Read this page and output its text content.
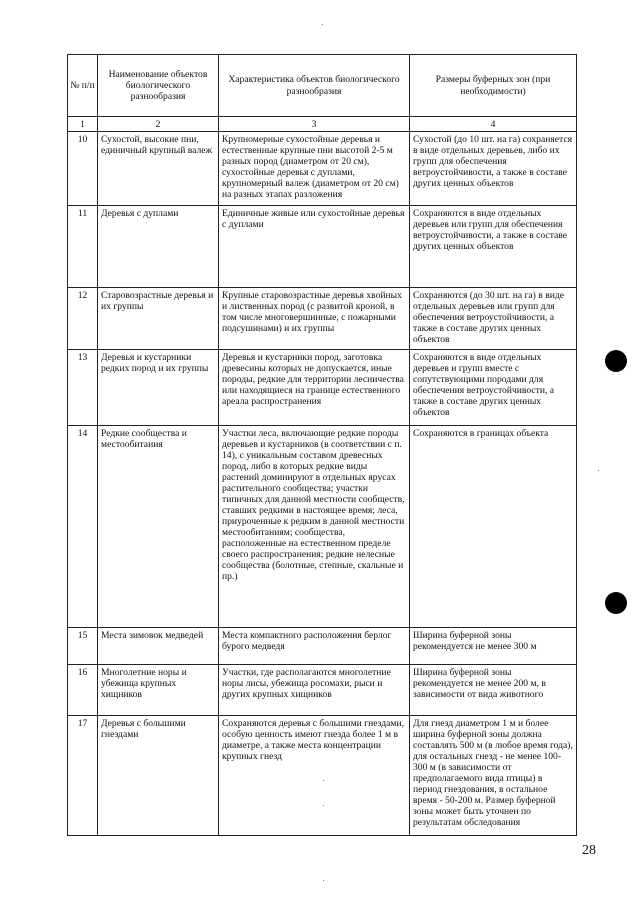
№ п/п	Наименование объектов биологического разнообразия	Характеристика объектов биологического разнообразия	Размеры буферных зон (при необходимости)
1	2	3	4
10	Сухостой, высокие пни, единичный крупный валеж	Крупномерные сухостойные деревья и естественные крупные пни высотой 2-5 м разных пород (диаметром от 20 см), сухостойные деревья с дуплами, крупномерный валеж (диаметром от 20 см) на разных этапах разложения	Сухостой (до 10 шт. на га) сохраняется в виде отдельных деревьев, либо их групп для обеспечения ветроустойчивости, а также в составе других ценных объектов
11	Деревья с дуплами	Единичные живые или сухостойные деревья с дуплами	Сохраняются в виде отдельных деревьев или групп для обеспечения ветроустойчивости, а также в составе других ценных объектов
12	Старовозрастные деревья и их группы	Крупные старовозрастные деревья хвойных и лиственных пород (с развитой кроной, в том числе многовершинные, с пожарными подсушинами) и их группы	Сохраняются (до 30 шт. на га) в виде отдельных деревьев или групп для обеспечения ветроустойчивости, а также в составе других ценных объектов
13	Деревья и кустарники редких пород и их группы	Деревья и кустарники пород, заготовка древесины которых не допускается, иные породы, редкие для территории лесничества или находящиеся на границе естественного ареала распространения	Сохраняются в виде отдельных деревьев и групп вместе с сопутствующими породами для обеспечения ветроустойчивости, а также в составе других ценных объектов
14	Редкие сообщества и местообитания	Участки леса, включающие редкие породы деревьев и кустарников (в соответствии с п. 14), с уникальным составом древесных пород, либо в которых редкие виды растений доминируют в отдельных ярусах растительного сообщества; участки типичных для данной местности сообществ, ставших редкими в настоящее время; леса, приуроченные к редким в данной местности местообитаниям; сообщества, расположенные на естественном пределе своего распространения; редкие нелесные сообщества (болотные, степные, скальные и пр.)	Сохраняются в границах объекта
15	Места зимовок медведей	Места компактного расположения берлог бурого медведя	Ширина буферной зоны рекомендуется не менее 300 м
16	Многолетние норы и убежища крупных хищников	Участки, где располагаются многолетние норы лисы, убежища росомахи, рыси и других крупных хищников	Ширина буферной зоны рекомендуется не менее 200 м, в зависимости от вида животного
17	Деревья с большими гнездами	Сохраняются деревья с большими гнездами, особую ценность имеют гнезда более 1 м в диаметре, а также места концентрации крупных гнезд	Для гнезд диаметром 1 м и более ширина буферной зоны должна составлять 500 м (в любое время года), для остальных гнезд - не менее 100-300 м (в зависимости от предполагаемого вида птицы) в период гнездования, в остальное время - 50-200 м. Размер буферной зоны может быть уточнен по результатам обследования
28
